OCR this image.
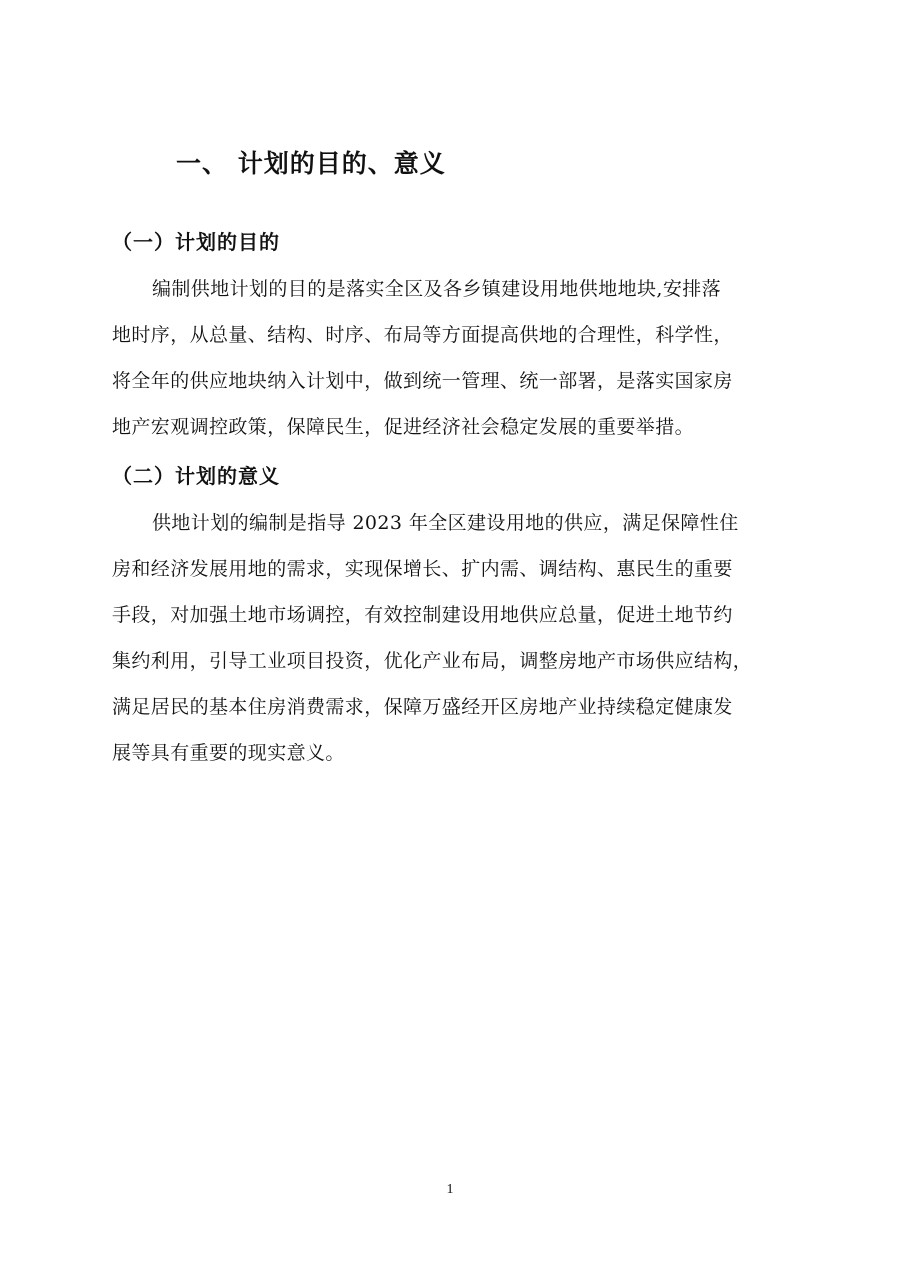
一、 计划的目的、意义
（一）计划的目的
编制供地计划的目的是落实全区及各乡镇建设用地供地地块,安排落
地时序，从总量、结构、时序、布局等方面提高供地的合理性，科学性，
将全年的供应地块纳入计划中，做到统一管理、统一部署，是落实国家房
地产宏观调控政策，保障民生，促进经济社会稳定发展的重要举措。
（二）计划的意义
供地计划的编制是指导 2023 年全区建设用地的供应，满足保障性住
房和经济发展用地的需求，实现保增长、扩内需、调结构、惠民生的重要
手段，对加强土地市场调控，有效控制建设用地供应总量，促进土地节约
集约利用，引导工业项目投资，优化产业布局，调整房地产市场供应结构，
满足居民的基本住房消费需求，保障万盛经开区房地产业持续稳定健康发
展等具有重要的现实意义。
1
